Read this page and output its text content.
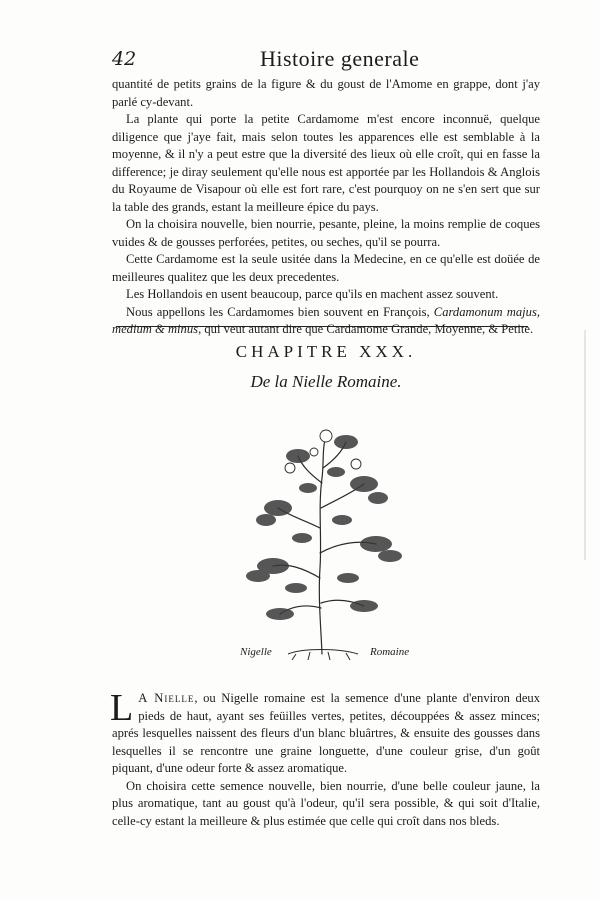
42	Histoire generale

quantité de petits grains de la figure & du goust de l'Amome en grappe, dont j'ay parlé cy-devant.

La plante qui porte la petite Cardamome m'est encore inconnuë, quelque diligence que j'aye fait, mais selon toutes les apparences elle est semblable à la moyenne, & il n'y a peut estre que la diversité des lieux où elle croît, qui en fasse la difference; je diray seulement qu'elle nous est apportée par les Hollandois & Anglois du Royaume de Visapour où elle est fort rare, c'est pourquoy on ne s'en sert que sur la table des grands, estant la meilleure épice du pays.

On la choisira nouvelle, bien nourrie, pesante, pleine, la moins remplie de coques vuides & de gousses perforées, petites, ou seches, qu'il se pourra.

Cette Cardamome est la seule usitée dans la Medecine, en ce qu'elle est doüée de meilleures qualitez que les deux precedentes.

Les Hollandois en usent beaucoup, parce qu'ils en machent assez souvent.

Nous appellons les Cardamomes bien souvent en François, Cardamonum majus, medium & minus, qui veut autant dire que Cardamome Grande, Moyenne, & Petite.

CHAPITRE XXX.
De la Nielle Romaine.
Nigelle	Romaine

L A Nielle, ou Nigelle romaine est la semence d'une plante d'environ deux pieds de haut, ayant ses feüilles vertes, petites, découppées & assez minces; aprés lesquelles naissent des fleurs d'un blanc bluârtres, & ensuite des gousses dans lesquelles il se rencontre une graine longuette, d'une couleur grise, d'un goût piquant, d'une odeur forte & assez aromatique.

On choisira cette semence nouvelle, bien nourrie, d'une belle couleur jaune, la plus aromatique, tant au goust qu'à l'odeur, qu'il sera possible, & qui soit d'Italie, celle-cy estant la meilleure & plus estimée que celle qui croît dans nos bleds.
